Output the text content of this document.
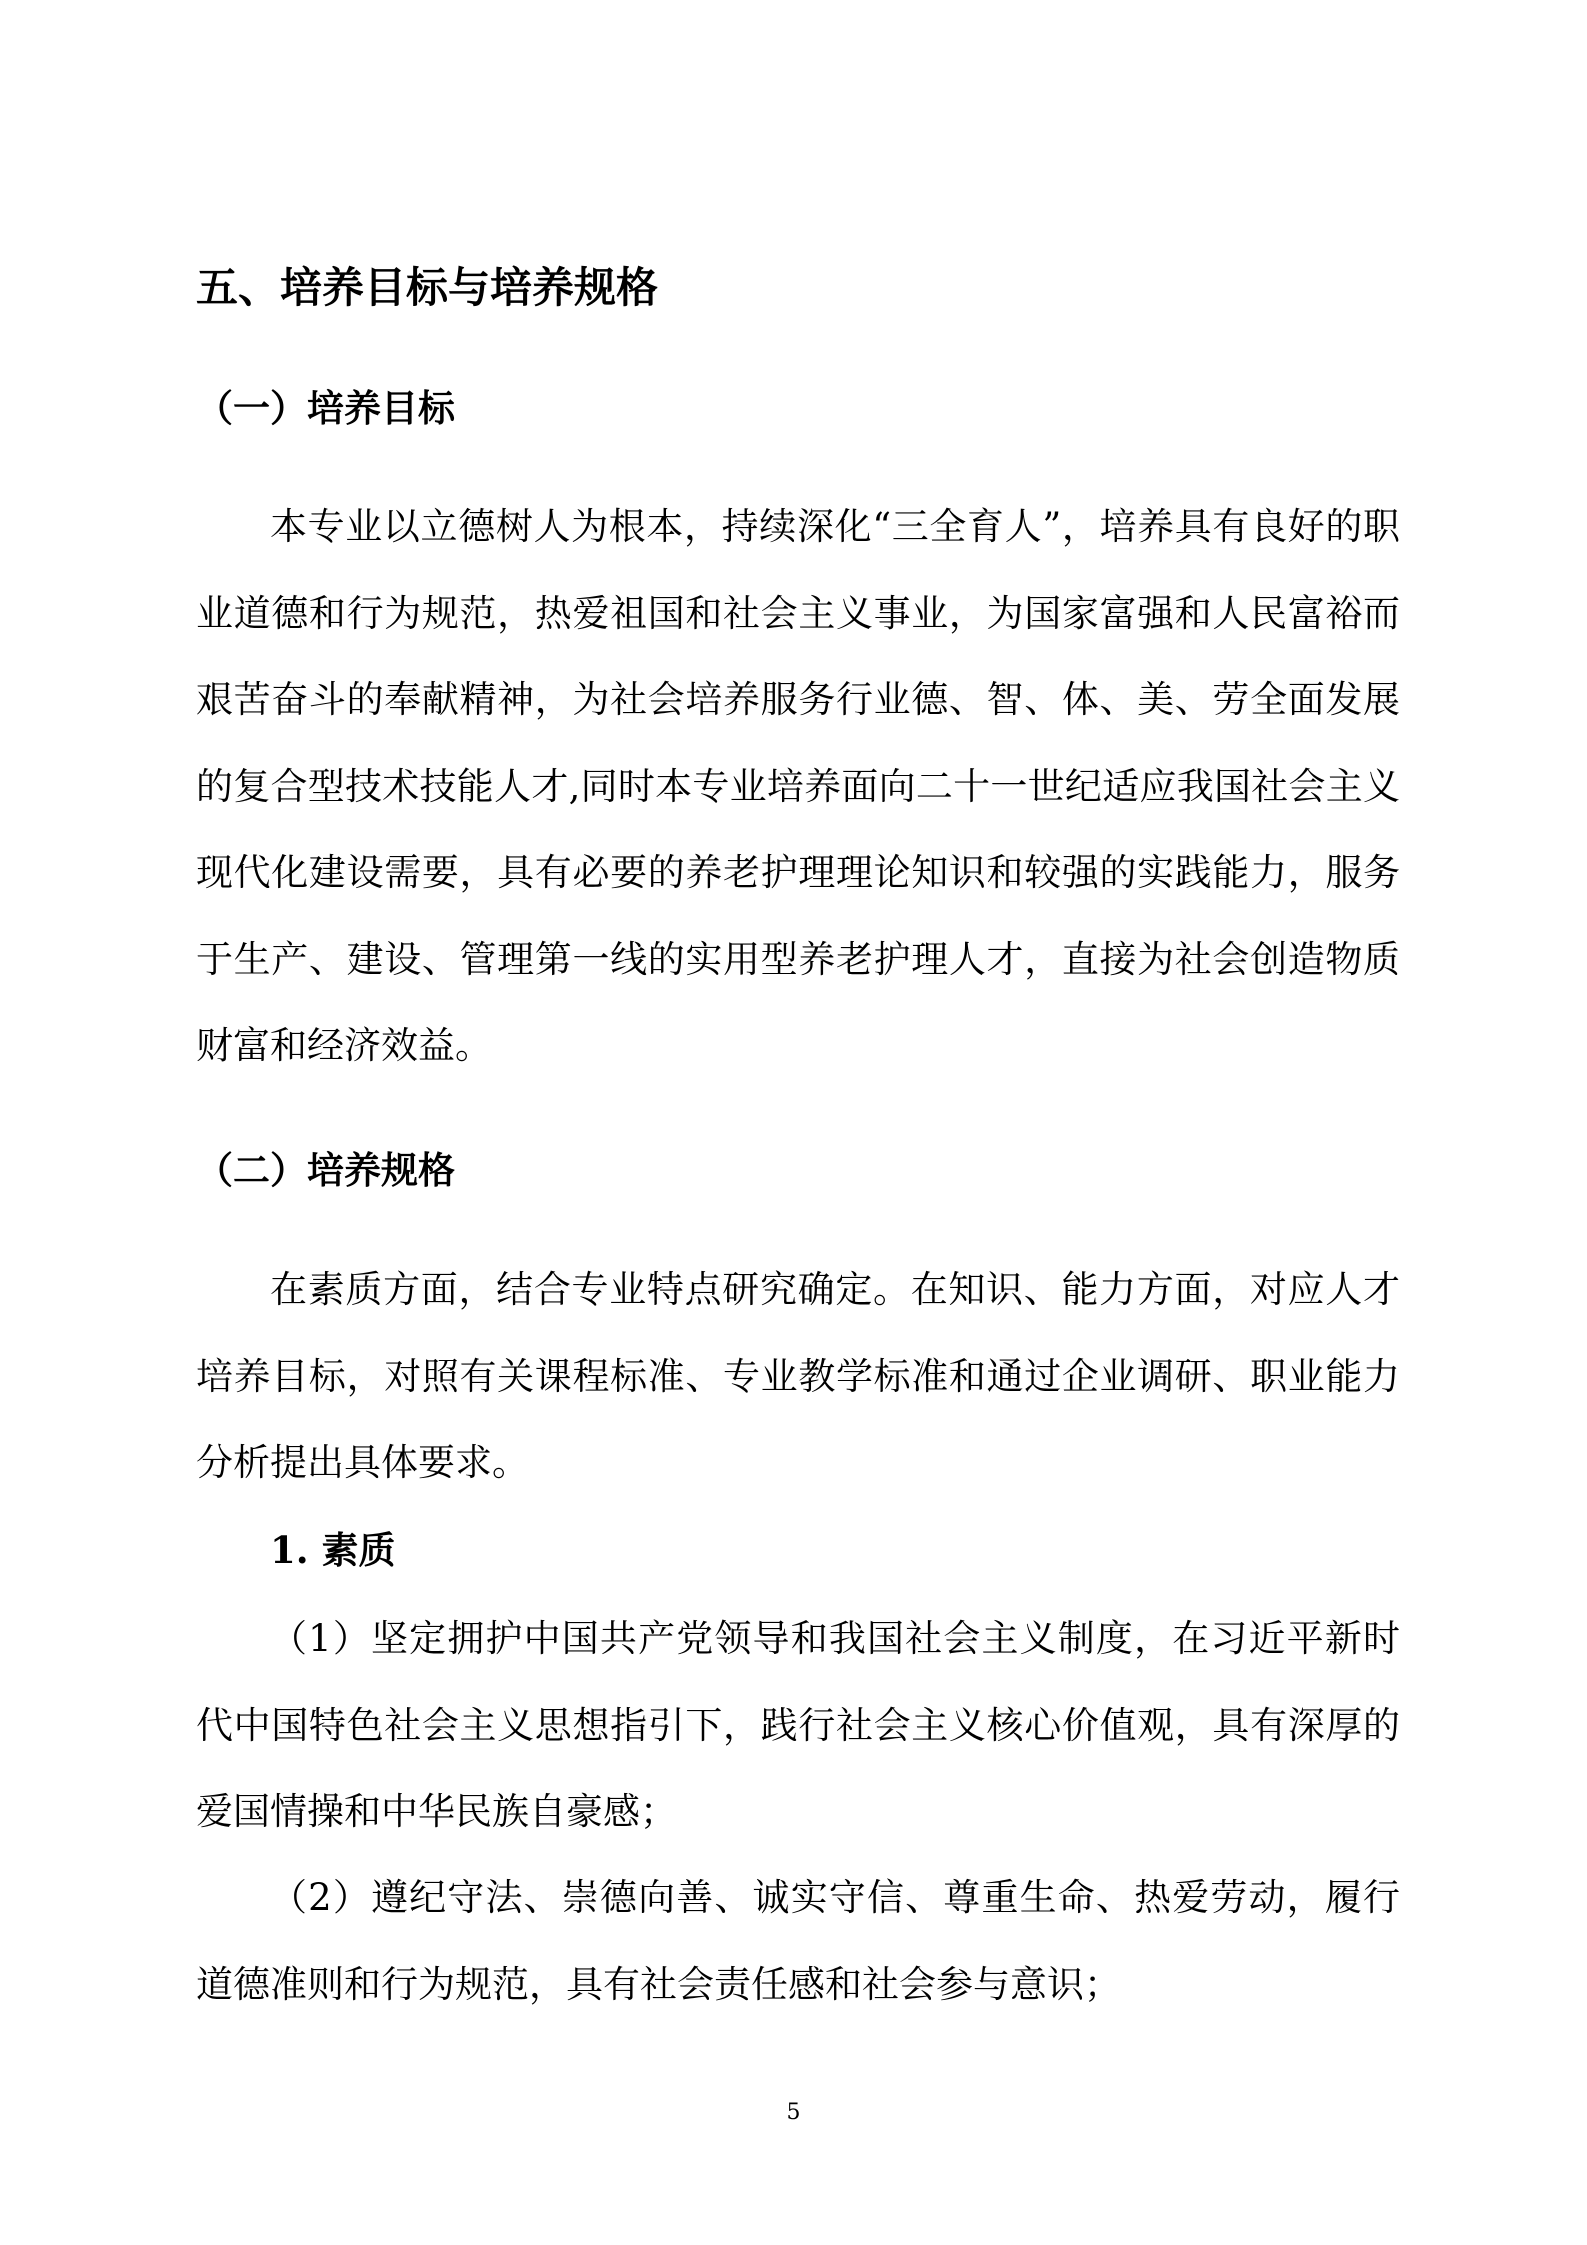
五、培养目标与培养规格
（一）培养目标

本专业以立德树人为根本，持续深化“三全育人”，培养具有良好的职业道德和行为规范，热爱祖国和社会主义事业，为国家富强和人民富裕而艰苦奋斗的奉献精神，为社会培养服务行业德、智、体、美、劳全面发展的复合型技术技能人才,同时本专业培养面向二十一世纪适应我国社会主义现代化建设需要，具有必要的养老护理理论知识和较强的实践能力，服务于生产、建设、管理第一线的实用型养老护理人才，直接为社会创造物质财富和经济效益。

（二）培养规格

在素质方面，结合专业特点研究确定。在知识、能力方面，对应人才培养目标，对照有关课程标准、专业教学标准和通过企业调研、职业能力分析提出具体要求。

1. 素质

（1）坚定拥护中国共产党领导和我国社会主义制度，在习近平新时代中国特色社会主义思想指引下，践行社会主义核心价值观，具有深厚的爱国情操和中华民族自豪感；

（2）遵纪守法、崇德向善、诚实守信、尊重生命、热爱劳动，履行道德准则和行为规范，具有社会责任感和社会参与意识；

5
